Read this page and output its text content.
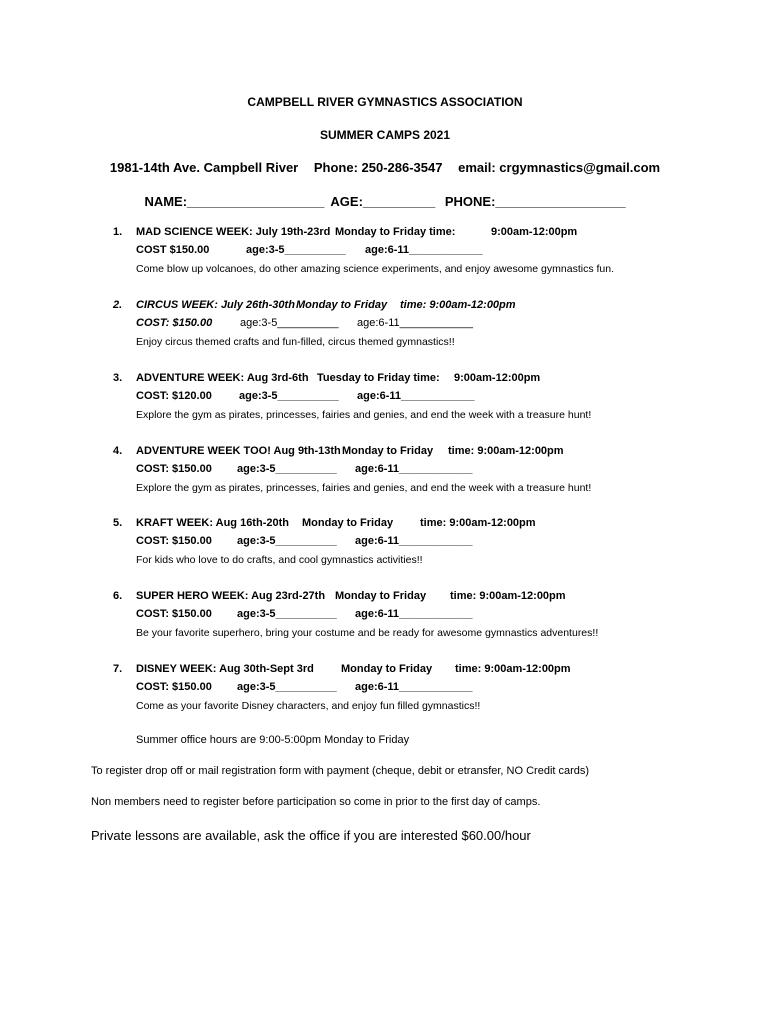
CAMPBELL RIVER GYMNASTICS ASSOCIATION
SUMMER CAMPS 2021
1981-14th Ave. Campbell River Phone: 250-286-3547 email: crgymnastics@gmail.com
NAME:___________________ AGE:__________ PHONE:__________________
1. MAD SCIENCE WEEK: July 19th-23rd Monday to Friday time:	9:00am-12:00pm
COST $150.00	age:3-5__________ age:6-11____________
Come blow up volcanoes, do other amazing science experiments, and enjoy awesome gymnastics fun.
2. CIRCUS WEEK: July 26th-30th Monday to Friday time: 9:00am-12:00pm
COST: $150.00	age:3-5__________ age:6-11____________
Enjoy circus themed crafts and fun-filled, circus themed gymnastics!!
3. ADVENTURE WEEK: Aug 3rd-6th Tuesday to Friday time: 9:00am-12:00pm
COST: $120.00 age:3-5__________ age:6-11____________
Explore the gym as pirates, princesses, fairies and genies, and end the week with a treasure hunt!
4. ADVENTURE WEEK TOO! Aug 9th-13th Monday to Friday time: 9:00am-12:00pm
COST: $150.00 age:3-5__________ age:6-11____________
Explore the gym as pirates, princesses, fairies and genies, and end the week with a treasure hunt!
5. KRAFT WEEK: Aug 16th-20th Monday to Friday time: 9:00am-12:00pm
COST: $150.00 age:3-5__________ age:6-11____________
For kids who love to do crafts, and cool gymnastics activities!!
6. SUPER HERO WEEK: Aug 23rd-27th Monday to Friday time: 9:00am-12:00pm
COST: $150.00 age:3-5__________ age:6-11____________
Be your favorite superhero, bring your costume and be ready for awesome gymnastics adventures!!
7. DISNEY WEEK: Aug 30th-Sept 3rd Monday to Friday time: 9:00am-12:00pm
COST: $150.00 age:3-5__________ age:6-11____________
Come as your favorite Disney characters, and enjoy fun filled gymnastics!!
Summer office hours are 9:00-5:00pm Monday to Friday
To register drop off or mail registration form with payment (cheque, debit or etransfer, NO Credit cards)
Non members need to register before participation so come in prior to the first day of camps.
Private lessons are available, ask the office if you are interested $60.00/hour
